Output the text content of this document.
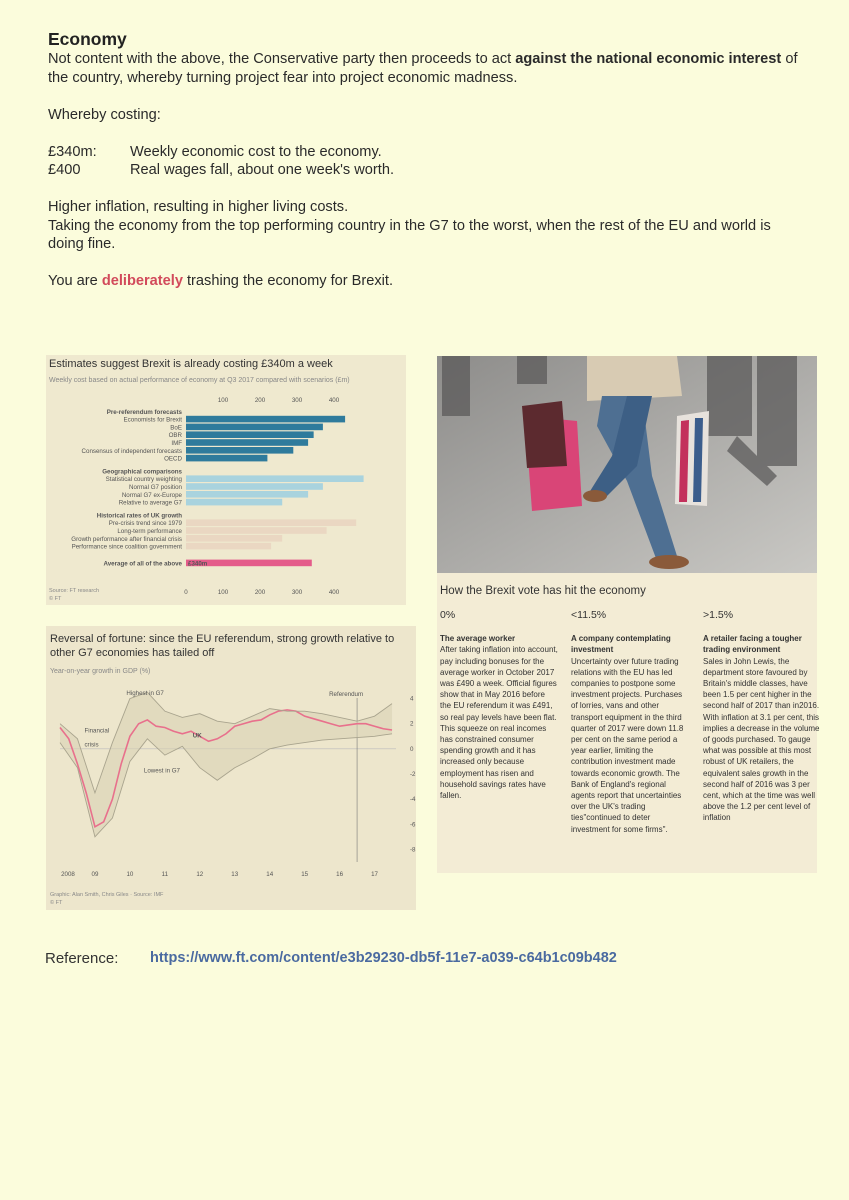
Economy

Not content with the above, the Conservative party then proceeds to act against the national economic interest of the country, whereby turning project fear into project economic madness.

Whereby costing:

£340m:	Weekly economic cost to the economy.
£400	Real wages fall, about one week's worth.

Higher inflation, resulting in higher living costs.

Taking the economy from the top performing country in the G7 to the worst, when the rest of the EU and world is doing fine.

You are deliberately trashing the economy for Brexit.

Estimates suggest Brexit is already costing £340m a week
Weekly cost based on actual performance of economy at Q3 2017 compared with scenarios (£m)
100
100
200
200
300
300
400
400
0
Pre-referendum forecasts
Economists for Brexit
BoE
OBR
IMF
Consensus of independent forecasts
OECD
Geographical comparisons
Statistical country weighting
Normal G7 position
Normal G7 ex-Europe
Relative to average G7
Historical rates of UK growth
Pre-crisis trend since 1979
Long-term performance
Growth performance after financial crisis
Performance since coalition government
Average of all of the above £340m
Source: FT research
© FT
Reversal of fortune: since the EU referendum, strong growth relative to other G7 economies has tailed off
Year-on-year growth in GDP (%)
4
2
0
-2
-4
-6
-8
2008	09	10	11	12	13	14	15	16	17
Highest in G7
Lowest in G7
Financial
crisis
Referendum
UK
Graphic: Alan Smith, Chris Giles · Source: IMF
© FT
How the Brexit vote has hit the economy
0%
The average worker
After taking inflation into account, pay including bonuses for the average worker in October 2017 was £490 a week. Official figures show that in May 2016 before the EU referendum it was £491, so real pay levels have been flat. This squeeze on real incomes has constrained consumer spending growth and it has increased only because employment has risen and household savings rates have fallen.
<11.5%
A company contemplating investment
Uncertainty over future trading relations with the EU has led companies to postpone some investment projects. Purchases of lorries, vans and other transport equipment in the third quarter of 2017 were down 11.8 per cent on the same period a year earlier, limiting the contribution investment made towards economic growth. The Bank of England's regional agents report that uncertainties over the UK's trading ties"continued to deter investment for some firms".
>1.5%
A retailer facing a tougher trading environment
Sales in John Lewis, the department store favoured by Britain's middle classes, have been 1.5 per cent higher in the second half of 2017 than in2016. With inflation at 3.1 per cent, this implies a decrease in the volume of goods purchased. To gauge what was possible at this most robust of UK retailers, the equivalent sales growth in the second half of 2016 was 3 per cent, which at the time was well above the 1.2 per cent level of inflation
Reference: https://www.ft.com/content/e3b29230-db5f-11e7-a039-c64b1c09b482
